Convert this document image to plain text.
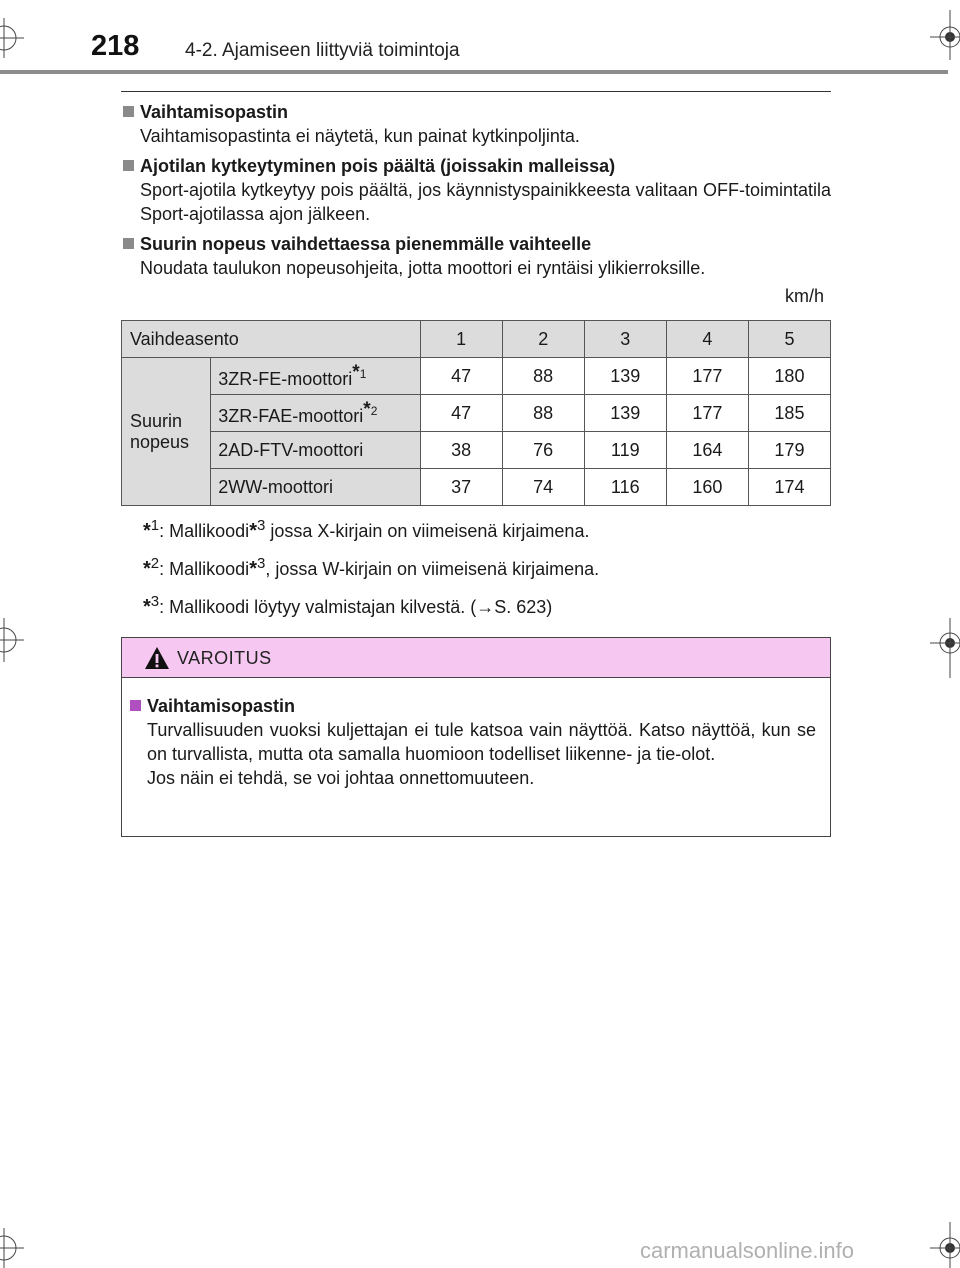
218 4-2. Ajamiseen liittyviä toimintoja
Vaihtamisopastin
Vaihtamisopastinta ei näytetä, kun painat kytkinpoljinta.
Ajotilan kytkeytyminen pois päältä (joissakin malleissa)
Sport-ajotila kytkeytyy pois päältä, jos käynnistyspainikkeesta valitaan OFF-toimintatila Sport-ajotilassa ajon jälkeen.
Suurin nopeus vaihdettaessa pienemmälle vaihteelle
Noudata taulukon nopeusohjeita, jotta moottori ei ryntäisi ylikierroksille.
km/h
Vaihdeasento		1	2	3	4	5
Suurin nopeus	3ZR-FE-moottori$^{*1}$	47	88	139	177	180
	3ZR-FAE-moottori$^{*2}$	47	88	139	177	185
	2AD-FTV-moottori	38	76	119	164	179
	2WW-moottori	37	74	116	160	174
*$^1$: Mallikoodi*$^3$ jossa X-kirjain on viimeisenä kirjaimena.
*$^2$: Mallikoodi*$^3$, jossa W-kirjain on viimeisenä kirjaimena.
*$^3$: Mallikoodi löytyy valmistajan kilvestä. (→S. 623)
VAROITUS
Vaihtamisopastin
Turvallisuuden vuoksi kuljettajan ei tule katsoa vain näyttöä. Katso näyttöä, kun se on turvallista, mutta ota samalla huomioon todelliset liikenne- ja tie-olot.
Jos näin ei tehdä, se voi johtaa onnettomuuteen.
carmanualsonline.info
